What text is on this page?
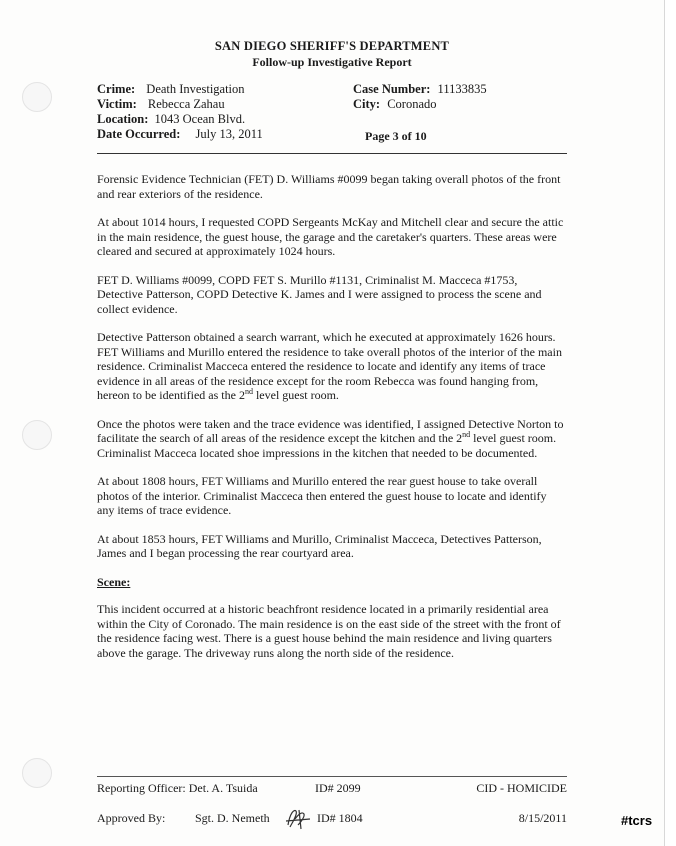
SAN DIEGO SHERIFF'S DEPARTMENT
Follow-up Investigative Report
Crime: Death Investigation
Victim: Rebecca Zahau
Location: 1043 Ocean Blvd.
Date Occurred: July 13, 2011
Case Number: 11133835
City: Coronado
Page 3 of 10

Forensic Evidence Technician (FET) D. Williams #0099 began taking overall photos of the front and rear exteriors of the residence.

At about 1014 hours, I requested COPD Sergeants McKay and Mitchell clear and secure the attic in the main residence, the guest house, the garage and the caretaker's quarters. These areas were cleared and secured at approximately 1024 hours.

FET D. Williams #0099, COPD FET S. Murillo #1131, Criminalist M. Macceca #1753, Detective Patterson, COPD Detective K. James and I were assigned to process the scene and collect evidence.

Detective Patterson obtained a search warrant, which he executed at approximately 1626 hours. FET Williams and Murillo entered the residence to take overall photos of the interior of the main residence. Criminalist Macceca entered the residence to locate and identify any items of trace evidence in all areas of the residence except for the room Rebecca was found hanging from, hereon to be identified as the 2nd level guest room.

Once the photos were taken and the trace evidence was identified, I assigned Detective Norton to facilitate the search of all areas of the residence except the kitchen and the 2nd level guest room. Criminalist Macceca located shoe impressions in the kitchen that needed to be documented.

At about 1808 hours, FET Williams and Murillo entered the rear guest house to take overall photos of the interior. Criminalist Macceca then entered the guest house to locate and identify any items of trace evidence.

At about 1853 hours, FET Williams and Murillo, Criminalist Macceca, Detectives Patterson, James and I began processing the rear courtyard area.

Scene:

This incident occurred at a historic beachfront residence located in a primarily residential area within the City of Coronado. The main residence is on the east side of the street with the front of the residence facing west. There is a guest house behind the main residence and living quarters above the garage. The driveway runs along the north side of the residence.

Reporting Officer: Det. A. Tsuida	ID# 2099	CID - HOMICIDE
Approved By: Sgt. D. Nemeth	ID# 1804	8/15/2011	#tcrs
